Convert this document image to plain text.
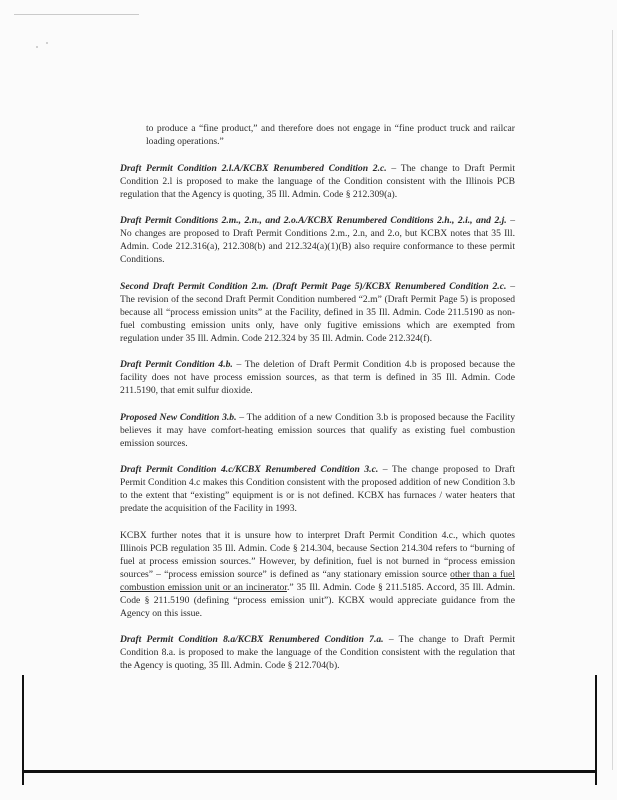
to produce a “fine product,” and therefore does not engage in “fine product truck and railcar loading operations.”

Draft Permit Condition 2.l.A/KCBX Renumbered Condition 2.c. – The change to Draft Permit Condition 2.l is proposed to make the language of the Condition consistent with the Illinois PCB regulation that the Agency is quoting, 35 Ill. Admin. Code § 212.309(a).

Draft Permit Conditions 2.m., 2.n., and 2.o.A/KCBX Renumbered Conditions 2.h., 2.i., and 2.j. – No changes are proposed to Draft Permit Conditions 2.m., 2.n, and 2.o, but KCBX notes that 35 Ill. Admin. Code 212.316(a), 212.308(b) and 212.324(a)(1)(B) also require conformance to these permit Conditions.

Second Draft Permit Condition 2.m. (Draft Permit Page 5)/KCBX Renumbered Condition 2.c. – The revision of the second Draft Permit Condition numbered “2.m” (Draft Permit Page 5) is proposed because all “process emission units” at the Facility, defined in 35 Ill. Admin. Code 211.5190 as non-fuel combusting emission units only, have only fugitive emissions which are exempted from regulation under 35 Ill. Admin. Code 212.324 by 35 Ill. Admin. Code 212.324(f).

Draft Permit Condition 4.b. – The deletion of Draft Permit Condition 4.b is proposed because the facility does not have process emission sources, as that term is defined in 35 Ill. Admin. Code 211.5190, that emit sulfur dioxide.

Proposed New Condition 3.b. – The addition of a new Condition 3.b is proposed because the Facility believes it may have comfort-heating emission sources that qualify as existing fuel combustion emission sources.

Draft Permit Condition 4.c/KCBX Renumbered Condition 3.c. – The change proposed to Draft Permit Condition 4.c makes this Condition consistent with the proposed addition of new Condition 3.b to the extent that “existing” equipment is or is not defined. KCBX has furnaces / water heaters that predate the acquisition of the Facility in 1993.

KCBX further notes that it is unsure how to interpret Draft Permit Condition 4.c., which quotes Illinois PCB regulation 35 Ill. Admin. Code § 214.304, because Section 214.304 refers to “burning of fuel at process emission sources.” However, by definition, fuel is not burned in “process emission sources” – “process emission source” is defined as “any stationary emission source other than a fuel combustion emission unit or an incinerator.” 35 Ill. Admin. Code § 211.5185. Accord, 35 Ill. Admin. Code § 211.5190 (defining “process emission unit”). KCBX would appreciate guidance from the Agency on this issue.

Draft Permit Condition 8.a/KCBX Renumbered Condition 7.a. – The change to Draft Permit Condition 8.a. is proposed to make the language of the Condition consistent with the regulation that the Agency is quoting, 35 Ill. Admin. Code § 212.704(b).
